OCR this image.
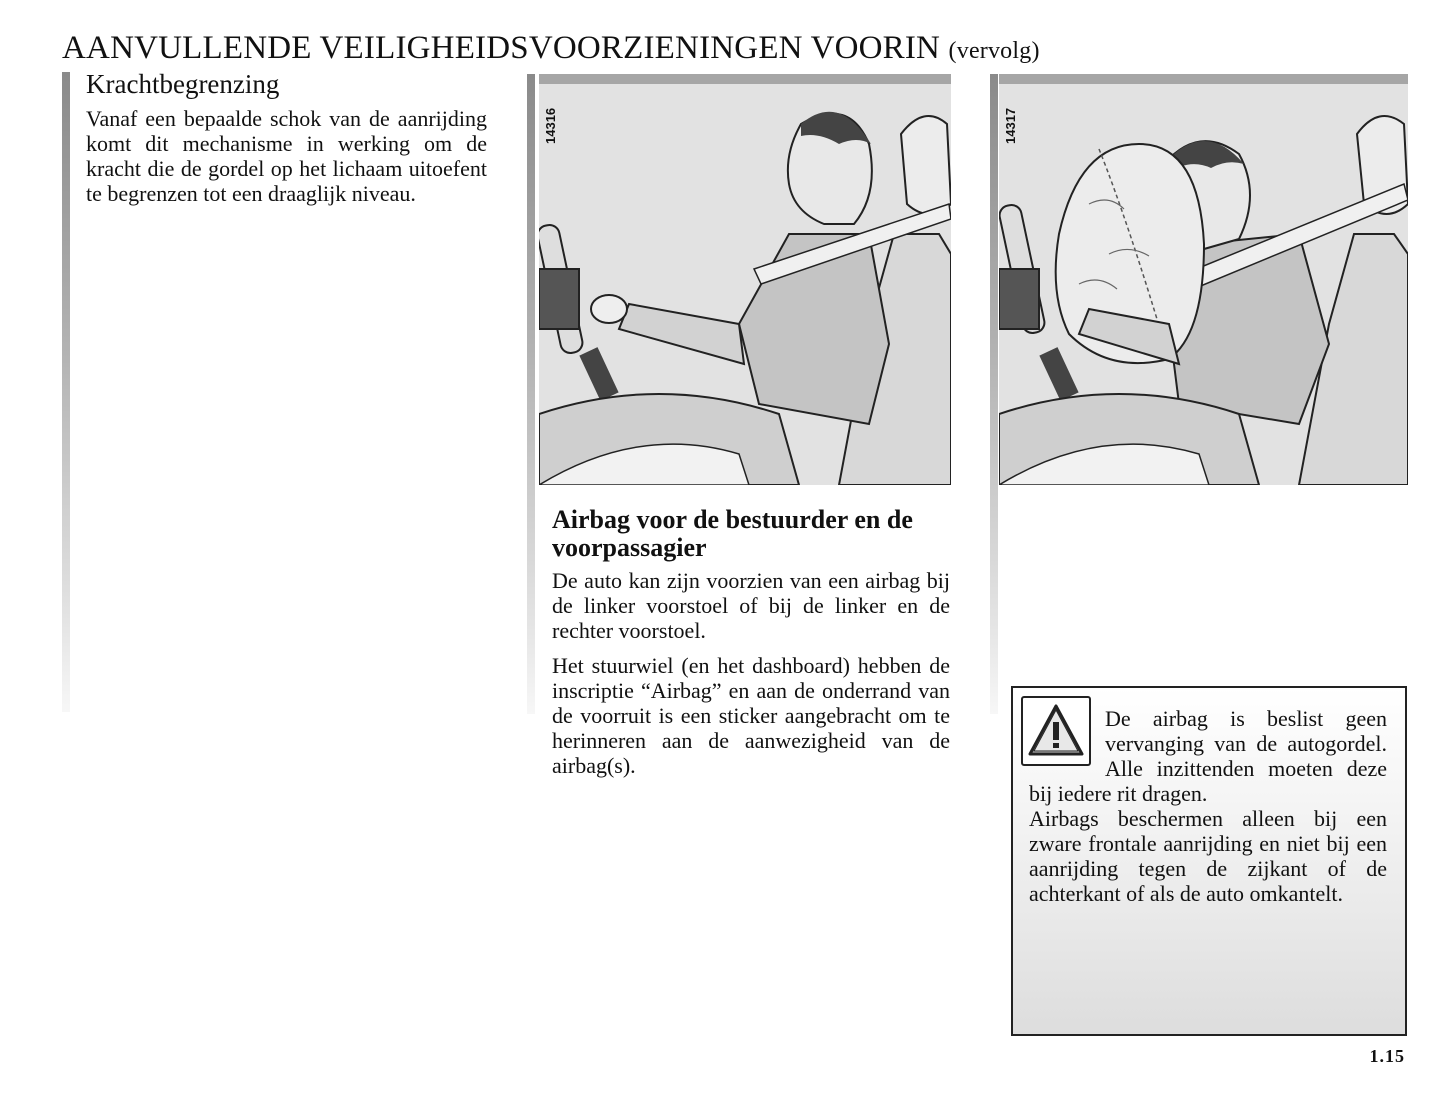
AANVULLENDE VEILIGHEIDSVOORZIENINGEN VOORIN (vervolg)
Krachtbegrenzing

Vanaf een bepaalde schok van de aanrijding komt dit mechanisme in werking om de kracht die de gordel op het lichaam uitoefent te begrenzen tot een draaglijk niveau.

14316	14317
Airbag voor de bestuurder en de voorpassagier

De auto kan zijn voorzien van een airbag bij de linker voorstoel of bij de linker en de rechter voorstoel.

Het stuurwiel (en het dashboard) hebben de inscriptie “Airbag” en aan de onderrand van de voorruit is een sticker aangebracht om te herinneren aan de aanwezigheid van de airbag(s).

De airbag is beslist geen vervanging van de autogordel. Alle inzittenden moeten deze bij iedere rit dragen.

Airbags beschermen alleen bij een zware frontale aanrijding en niet bij een aanrijding tegen de zijkant of de achterkant of als de auto omkantelt.

1.15
